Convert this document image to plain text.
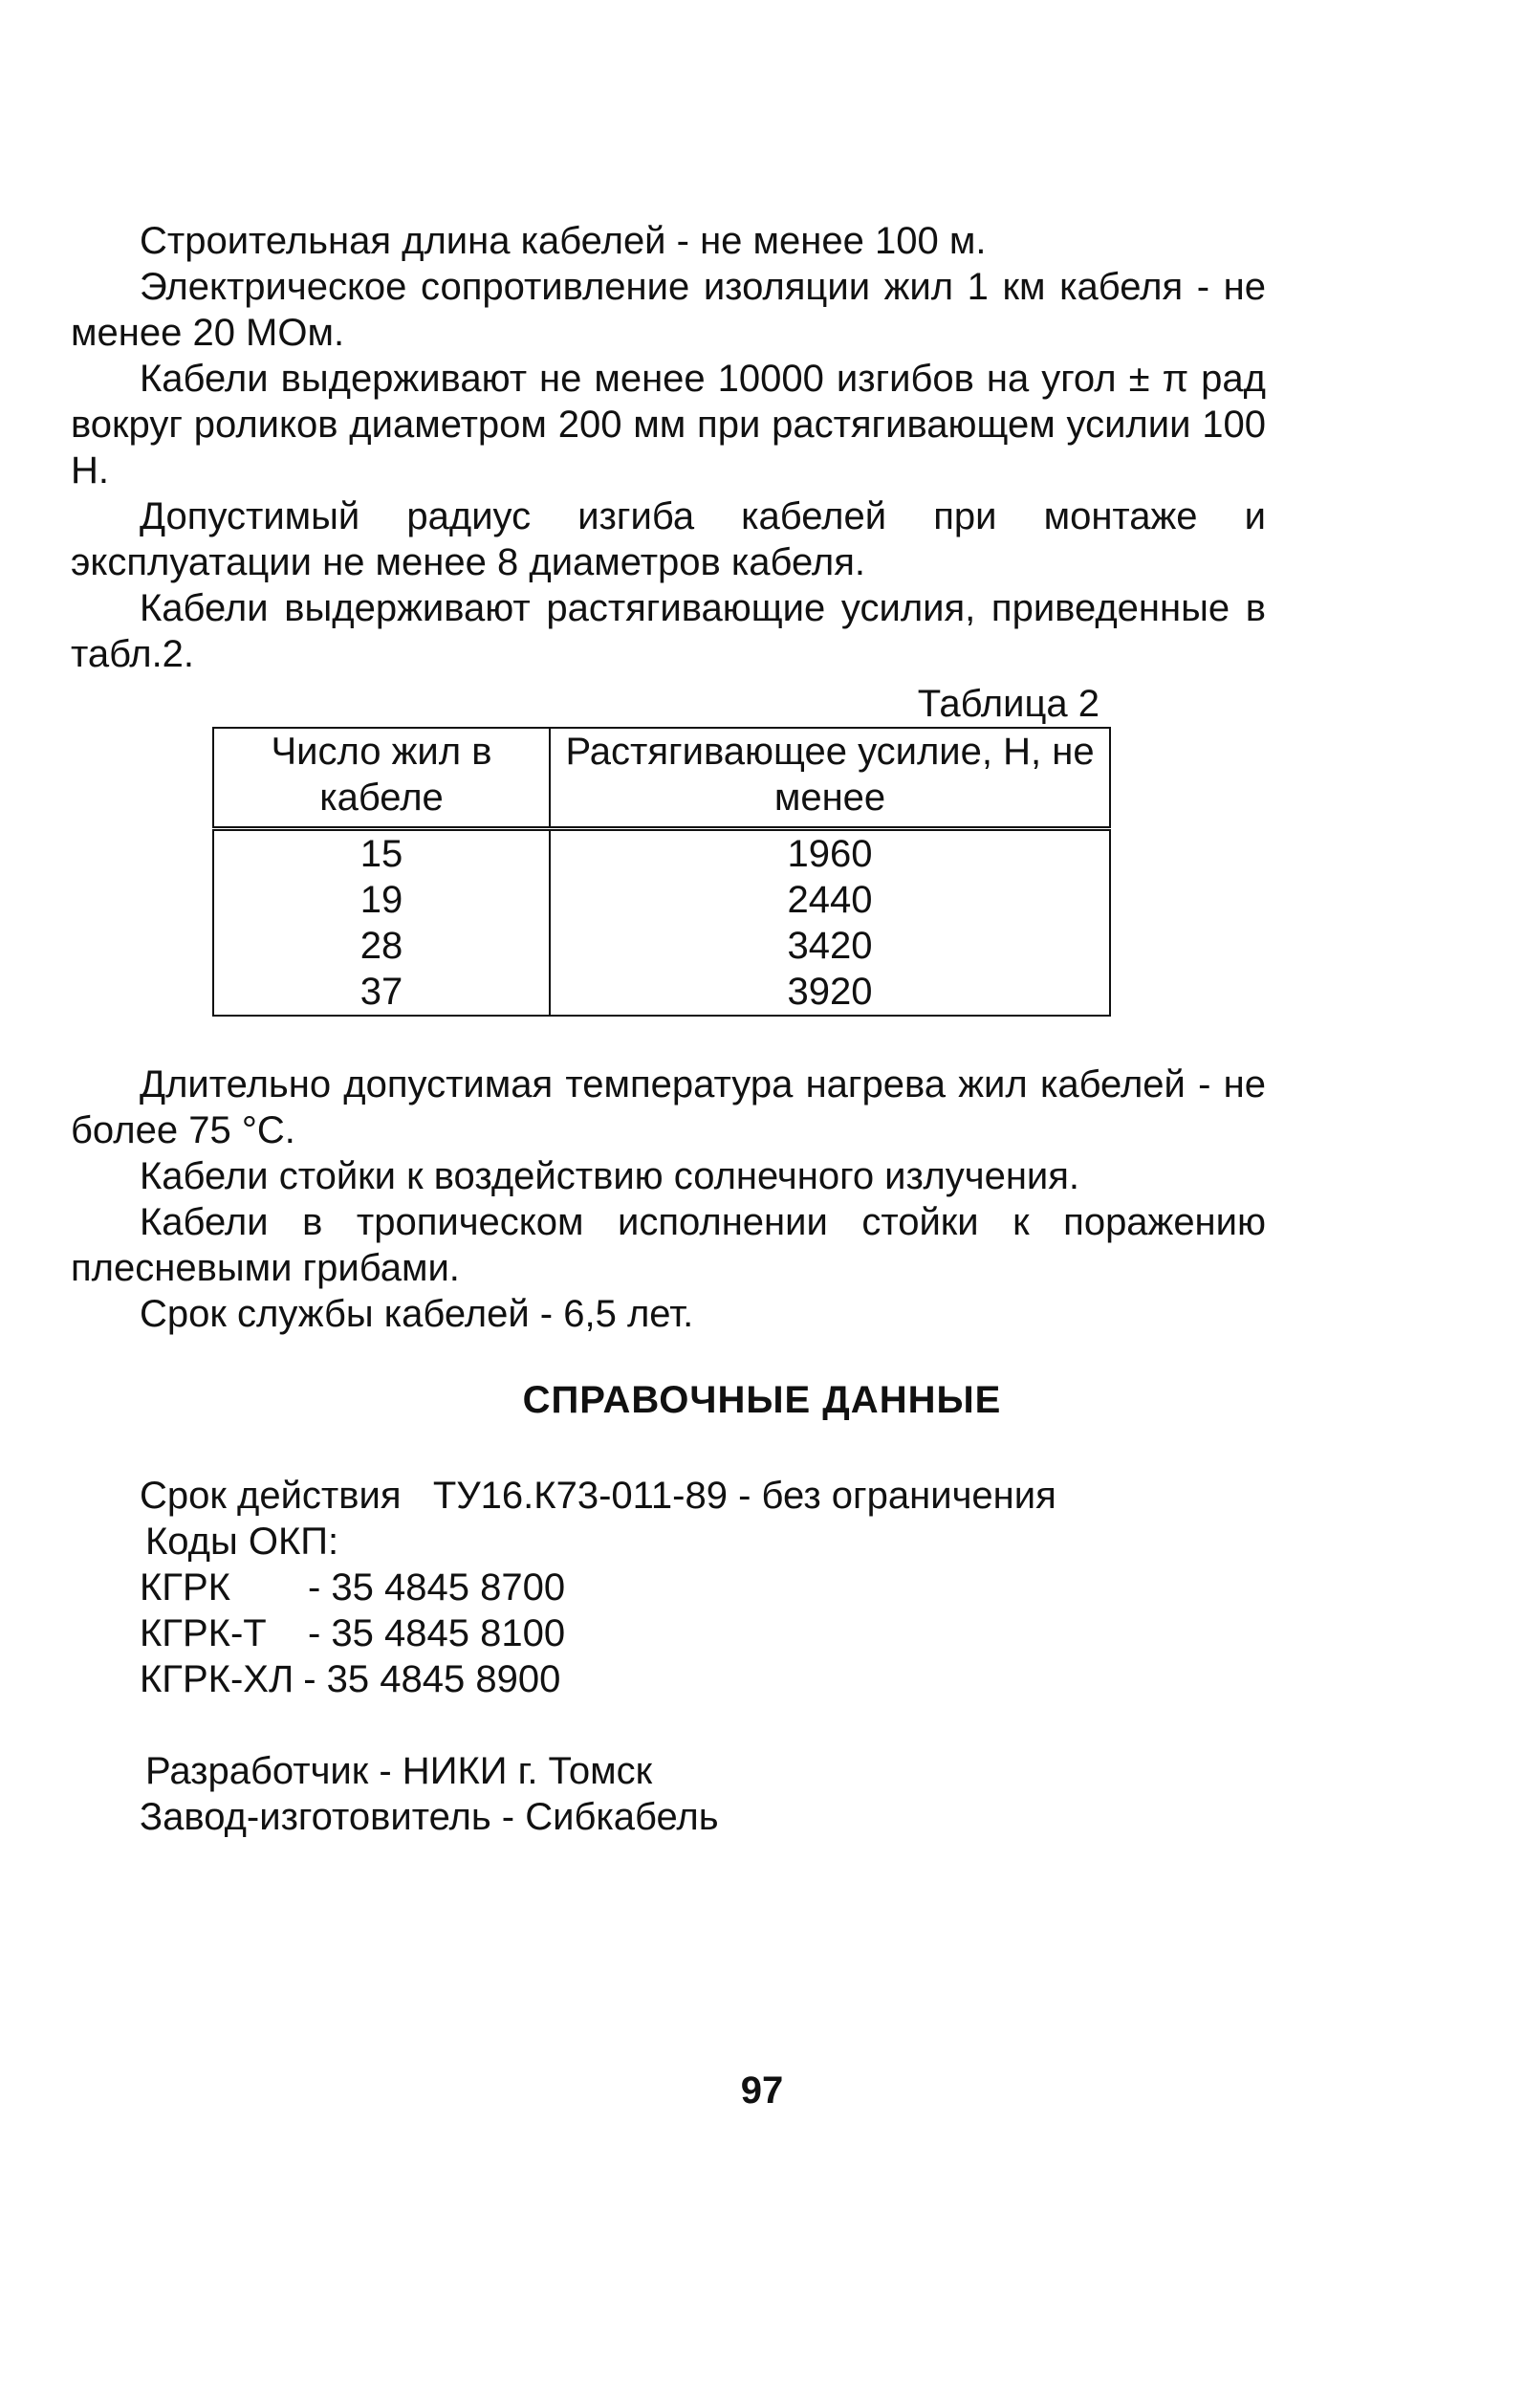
Строительная длина кабелей - не менее 100 м.

Электрическое сопротивление изоляции жил 1 км кабеля - не менее 20 МОм.

Кабели выдерживают не менее 10000 изгибов на угол ± π рад вокруг роликов диаметром 200 мм при растягивающем усилии 100 Н.

Допустимый радиус изгиба кабелей при монтаже и эксплуатации не менее 8 диаметров кабеля.

Кабели выдерживают растягивающие усилия, приведенные в табл.2.

Таблица 2
Число жил в кабеле	Растягивающее усилие, Н, не менее
15	1960
19	2440
28	3420
37	3920

Длительно допустимая температура нагрева жил кабелей - не более 75 °С.

Кабели стойки к воздействию солнечного излучения.

Кабели в тропическом исполнении стойки к поражению плесневыми грибами.

Срок службы кабелей - 6,5 лет.

СПРАВОЧНЫЕ ДАННЫЕ

Срок действия   ТУ16.К73-011-89 - без ограничения

Коды ОКП:

КГРК	- 35 4845 8700
КГРК-Т	- 35 4845 8100
КГРК-ХЛ - 35 4845 8900

Разработчик - НИКИ г. Томск

Завод-изготовитель - Сибкабель

97
